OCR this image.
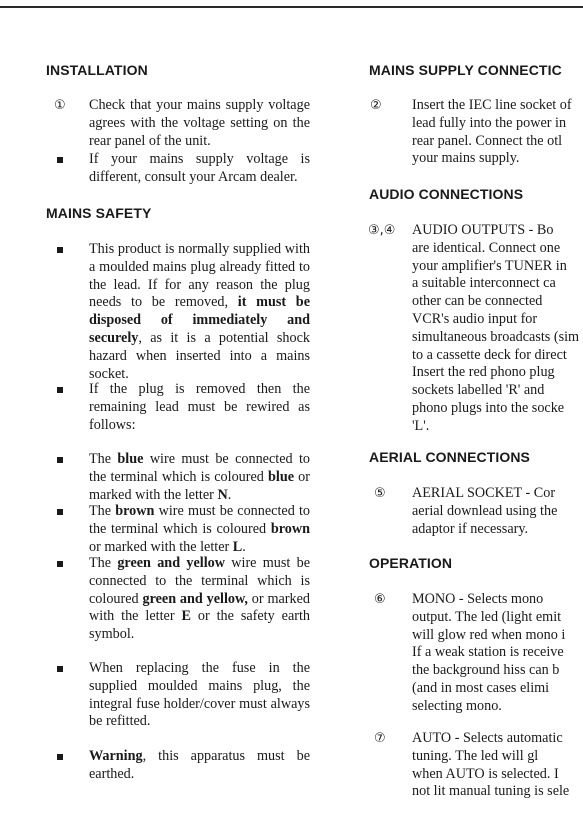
INSTALLATION
①	Check that your mains supply voltage agrees with the voltage setting on the rear panel of the unit.
If your mains supply voltage is different, consult your Arcam dealer.
MAINS SAFETY
This product is normally supplied with a moulded mains plug already fitted to the lead. If for any reason the plug needs to be removed, it must be disposed of immediately and securely, as it is a potential shock hazard when inserted into a mains socket.
If the plug is removed then the remaining lead must be rewired as follows:
The blue wire must be connected to the terminal which is coloured blue or marked with the letter N.
The brown wire must be connected to the terminal which is coloured brown or marked with the letter L.
The green and yellow wire must be connected to the terminal which is coloured green and yellow, or marked with the letter E or the safety earth symbol.
When replacing the fuse in the supplied moulded mains plug, the integral fuse holder/cover must always be refitted.
Warning, this apparatus must be earthed.
MAINS SUPPLY CONNECTIC
②	Insert the IEC line socket of
lead fully into the power in
rear panel. Connect the otl
your mains supply.
AUDIO CONNECTIONS
③,④	AUDIO OUTPUTS - Bo
are identical. Connect one
your amplifier's TUNER in
a suitable interconnect ca
other can be connected
VCR's audio input for
simultaneous broadcasts (sim
to a cassette deck for direct
Insert the red phono plug
sockets labelled 'R' and
phono plugs into the socke
'L'.
AERIAL CONNECTIONS
⑤	AERIAL SOCKET - Cor
aerial downlead using the
adaptor if necessary.
OPERATION
⑥	MONO - Selects mono
output. The led (light emit
will glow red when mono i
If a weak station is receive
the background hiss can b
(and in most cases elimi
selecting mono.
⑦	AUTO - Selects automatic
tuning. The led will gl
when AUTO is selected. I
not lit manual tuning is sele
